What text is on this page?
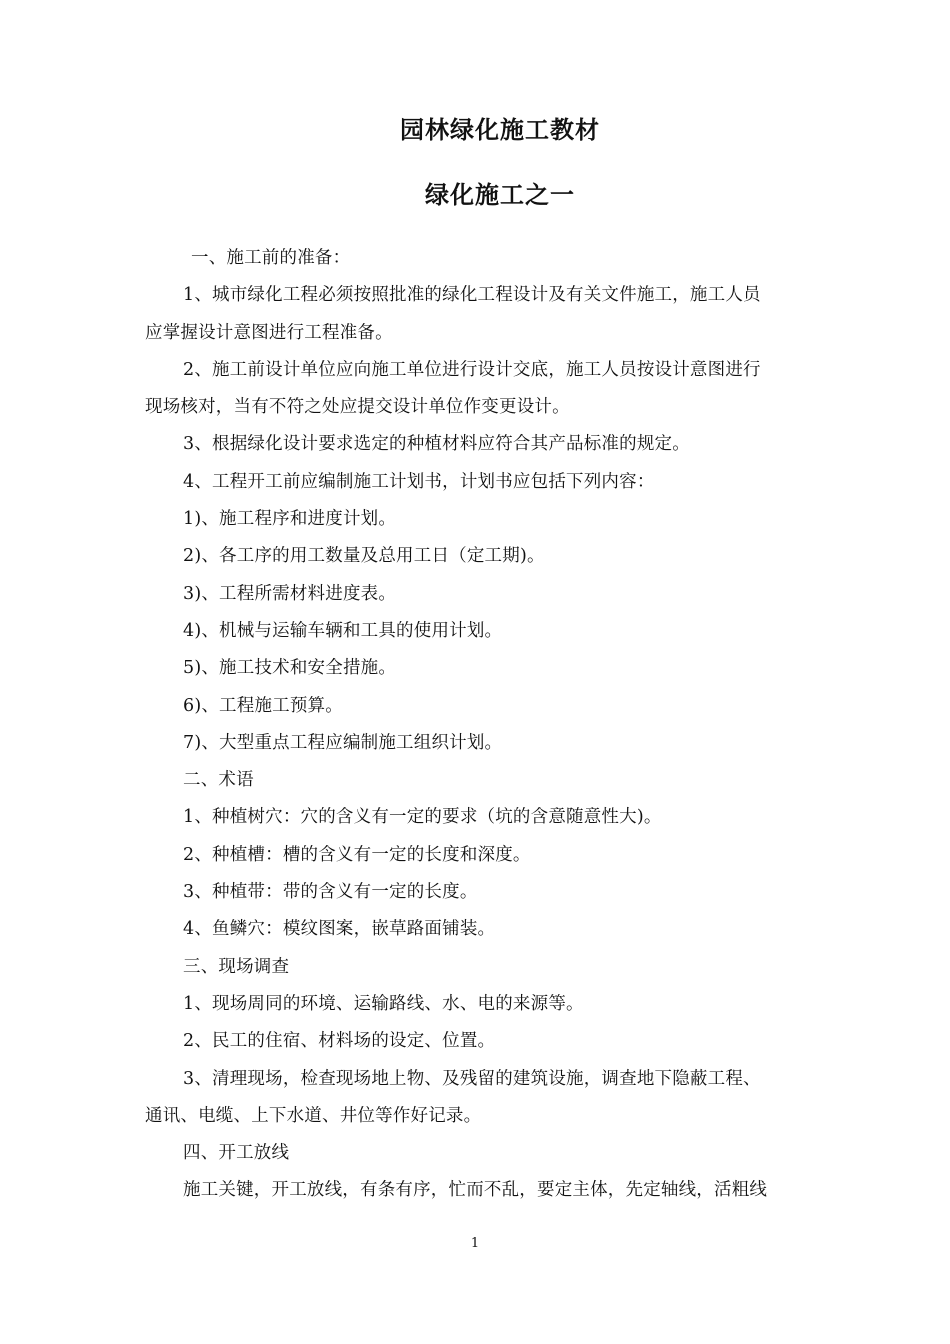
园林绿化施工教材
绿化施工之一
一、施工前的准备：
1、城市绿化工程必须按照批准的绿化工程设计及有关文件施工，施工人员
应掌握设计意图进行工程准备。
2、施工前设计单位应向施工单位进行设计交底，施工人员按设计意图进行
现场核对，当有不符之处应提交设计单位作变更设计。
3、根据绿化设计要求选定的种植材料应符合其产品标准的规定。
4、工程开工前应编制施工计划书，计划书应包括下列内容：
1)、施工程序和进度计划。
2)、各工序的用工数量及总用工日（定工期)。
3)、工程所需材料进度表。
4)、机械与运输车辆和工具的使用计划。
5)、施工技术和安全措施。
6)、工程施工预算。
7)、大型重点工程应编制施工组织计划。
二、术语
1、种植树穴：穴的含义有一定的要求（坑的含意随意性大)。
2、种植槽：槽的含义有一定的长度和深度。
3、种植带：带的含义有一定的长度。
4、鱼鳞穴：模纹图案，嵌草路面铺装。
三、现场调查
1、现场周同的环境、运输路线、水、电的来源等。
2、民工的住宿、材料场的设定、位置。
3、清理现场，检查现场地上物、及残留的建筑设施，调查地下隐蔽工程、
通讯、电缆、上下水道、井位等作好记录。
四、开工放线
施工关键，开工放线，有条有序，忙而不乱，要定主体，先定轴线，活粗线
1
